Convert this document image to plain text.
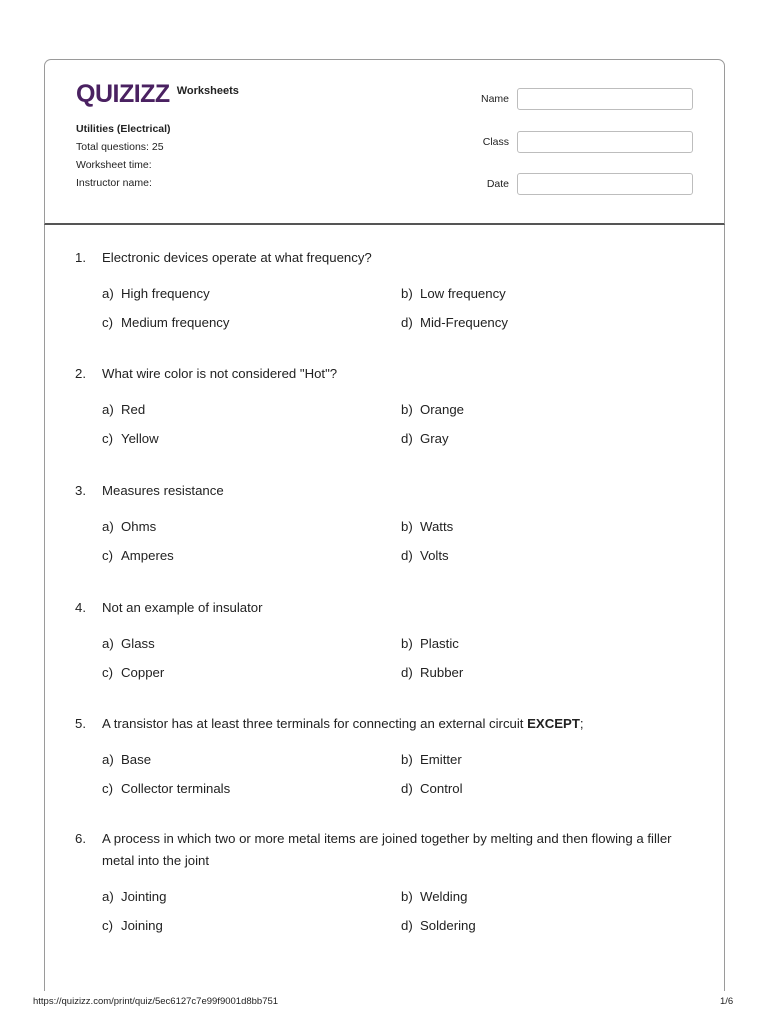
QUIZIZZ Worksheets
Utilities (Electrical)
Total questions: 25
Worksheet time:
Instructor name:
Name
Class
Date
1.	Electronic devices operate at what frequency?
a) High frequency	b) Low frequency
c) Medium frequency	d) Mid-Frequency
2.	What wire color is not considered "Hot"?
a) Red	b) Orange
c) Yellow	d) Gray
3.	Measures resistance
a) Ohms	b) Watts
c) Amperes	d) Volts
4.	Not an example of insulator
a) Glass	b) Plastic
c) Copper	d) Rubber
5.	A transistor has at least three terminals for connecting an external circuit EXCEPT;
a) Base	b) Emitter
c) Collector terminals	d) Control
6.	A process in which two or more metal items are joined together by melting and then flowing a filler metal into the joint
a) Jointing	b) Welding
c) Joining	d) Soldering
https://quizizz.com/print/quiz/5ec6127c7e99f9001d8bb751	1/6
